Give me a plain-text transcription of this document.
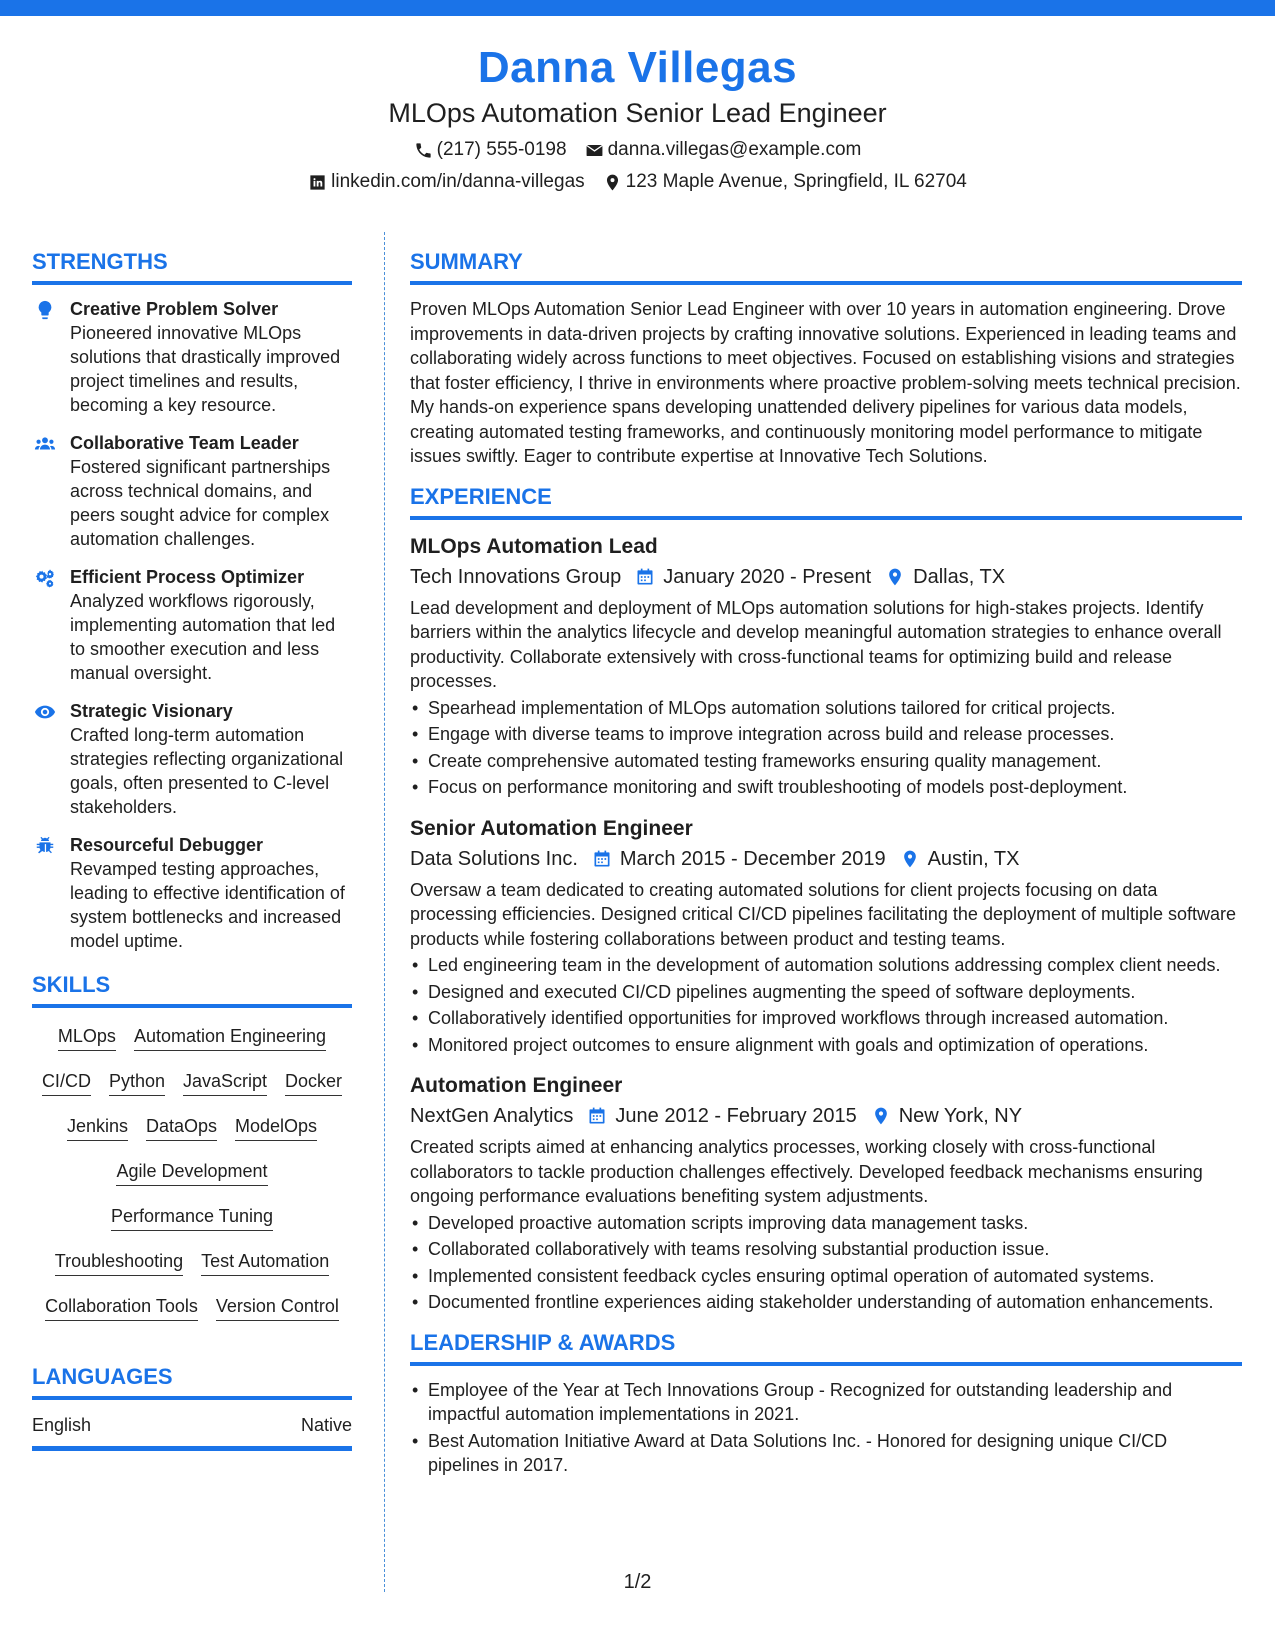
Danna Villegas
MLOps Automation Senior Lead Engineer
(217) 555-0198 danna.villegas@example.com
linkedin.com/in/danna-villegas 123 Maple Avenue, Springfield, IL 62704
STRENGTHS
Creative Problem Solver
Pioneered innovative MLOps solutions that drastically improved project timelines and results, becoming a key resource.
Collaborative Team Leader
Fostered significant partnerships across technical domains, and peers sought advice for complex automation challenges.
Efficient Process Optimizer
Analyzed workflows rigorously, implementing automation that led to smoother execution and less manual oversight.
Strategic Visionary
Crafted long-term automation strategies reflecting organizational goals, often presented to C-level stakeholders.
Resourceful Debugger
Revamped testing approaches, leading to effective identification of system bottlenecks and increased model uptime.
SKILLS
MLOps Automation Engineering
CI/CD Python JavaScript Docker
Jenkins DataOps ModelOps
Agile Development
Performance Tuning
Troubleshooting Test Automation
Collaboration Tools Version Control
LANGUAGES
English	Native
SUMMARY
Proven MLOps Automation Senior Lead Engineer with over 10 years in automation engineering. Drove improvements in data-driven projects by crafting innovative solutions. Experienced in leading teams and collaborating widely across functions to meet objectives. Focused on establishing visions and strategies that foster efficiency, I thrive in environments where proactive problem-solving meets technical precision. My hands-on experience spans developing unattended delivery pipelines for various data models, creating automated testing frameworks, and continuously monitoring model performance to mitigate issues swiftly. Eager to contribute expertise at Innovative Tech Solutions.
EXPERIENCE
MLOps Automation Lead
Tech Innovations Group January 2020 - Present Dallas, TX
Lead development and deployment of MLOps automation solutions for high-stakes projects. Identify barriers within the analytics lifecycle and develop meaningful automation strategies to enhance overall productivity. Collaborate extensively with cross-functional teams for optimizing build and release processes.
• Spearhead implementation of MLOps automation solutions tailored for critical projects.
• Engage with diverse teams to improve integration across build and release processes.
• Create comprehensive automated testing frameworks ensuring quality management.
• Focus on performance monitoring and swift troubleshooting of models post-deployment.
Senior Automation Engineer
Data Solutions Inc. March 2015 - December 2019 Austin, TX
Oversaw a team dedicated to creating automated solutions for client projects focusing on data processing efficiencies. Designed critical CI/CD pipelines facilitating the deployment of multiple software products while fostering collaborations between product and testing teams.
• Led engineering team in the development of automation solutions addressing complex client needs.
• Designed and executed CI/CD pipelines augmenting the speed of software deployments.
• Collaboratively identified opportunities for improved workflows through increased automation.
• Monitored project outcomes to ensure alignment with goals and optimization of operations.
Automation Engineer
NextGen Analytics June 2012 - February 2015 New York, NY
Created scripts aimed at enhancing analytics processes, working closely with cross-functional collaborators to tackle production challenges effectively. Developed feedback mechanisms ensuring ongoing performance evaluations benefiting system adjustments.
• Developed proactive automation scripts improving data management tasks.
• Collaborated collaboratively with teams resolving substantial production issue.
• Implemented consistent feedback cycles ensuring optimal operation of automated systems.
• Documented frontline experiences aiding stakeholder understanding of automation enhancements.
LEADERSHIP & AWARDS
• Employee of the Year at Tech Innovations Group - Recognized for outstanding leadership and impactful automation implementations in 2021.
• Best Automation Initiative Award at Data Solutions Inc. - Honored for designing unique CI/CD pipelines in 2017.
1/2
